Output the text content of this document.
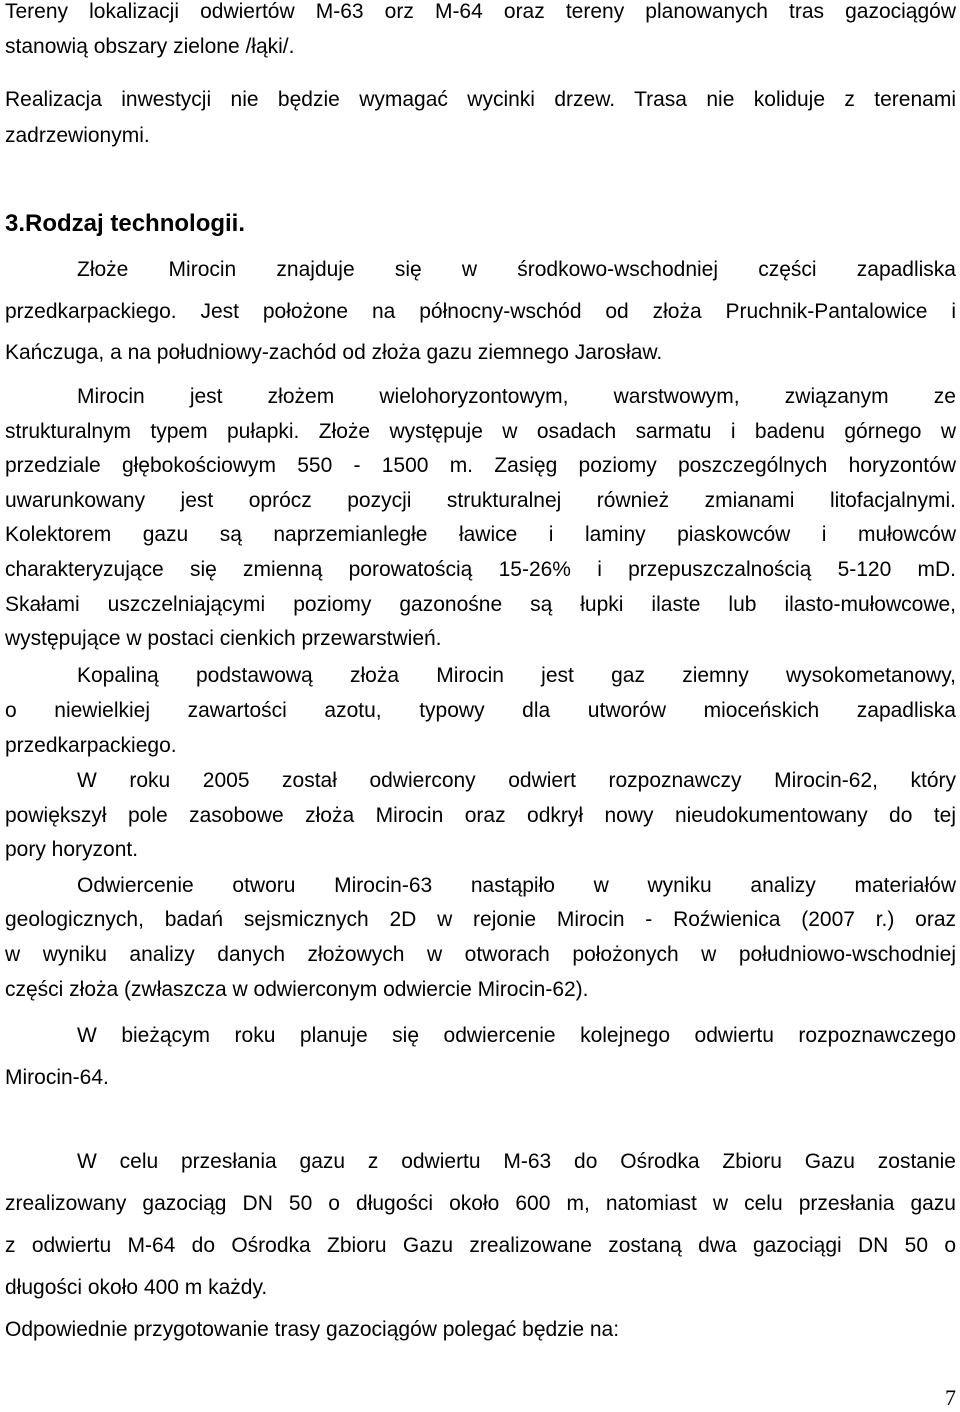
Tereny lokalizacji odwiertów M-63 orz M-64 oraz tereny planowanych tras gazociągów
stanowią obszary zielone /łąki/.
Realizacja inwestycji nie będzie wymagać wycinki drzew. Trasa nie koliduje z terenami
zadrzewionymi.
3.Rodzaj technologii.
Złoże Mirocin znajduje się w środkowo-wschodniej części zapadliska
przedkarpackiego. Jest położone na północny-wschód od złoża Pruchnik-Pantalowice i
Kańczuga, a na południowy-zachód od złoża gazu ziemnego Jarosław.
Mirocin jest złożem wielohoryzontowym, warstwowym, związanym ze
strukturalnym typem pułapki. Złoże występuje w osadach sarmatu i badenu górnego w
przedziale głębokościowym 550 - 1500 m. Zasięg poziomy poszczególnych horyzontów
uwarunkowany jest oprócz pozycji strukturalnej również zmianami litofacjalnymi.
Kolektorem gazu są naprzemianległe ławice i laminy piaskowców i mułowców
charakteryzujące się zmienną porowatością 15-26% i przepuszczalnością 5-120 mD.
Skałami uszczelniającymi poziomy gazonośne są łupki ilaste lub ilasto-mułowcowe,
występujące w postaci cienkich przewarstwień.
Kopaliną podstawową złoża Mirocin jest gaz ziemny wysokometanowy,
o niewielkiej zawartości azotu, typowy dla utworów mioceńskich zapadliska
przedkarpackiego.
W roku 2005 został odwiercony odwiert rozpoznawczy Mirocin-62, który
powiększył pole zasobowe złoża Mirocin oraz odkrył nowy nieudokumentowany do tej
pory horyzont.
Odwiercenie otworu Mirocin-63 nastąpiło w wyniku analizy materiałów
geologicznych, badań sejsmicznych 2D w rejonie Mirocin - Roźwienica (2007 r.) oraz
w wyniku analizy danych złożowych w otworach położonych w południowo-wschodniej
części złoża (zwłaszcza w odwierconym odwiercie Mirocin-62).
W bieżącym roku planuje się odwiercenie kolejnego odwiertu rozpoznawczego
Mirocin-64.
W celu przesłania gazu z odwiertu M-63 do Ośrodka Zbioru Gazu zostanie
zrealizowany gazociąg DN 50 o długości około 600 m, natomiast w celu przesłania gazu
z odwiertu M-64 do Ośrodka Zbioru Gazu zrealizowane zostaną dwa gazociągi DN 50 o
długości około 400 m każdy.
Odpowiednie przygotowanie trasy gazociągów polegać będzie na:
7
